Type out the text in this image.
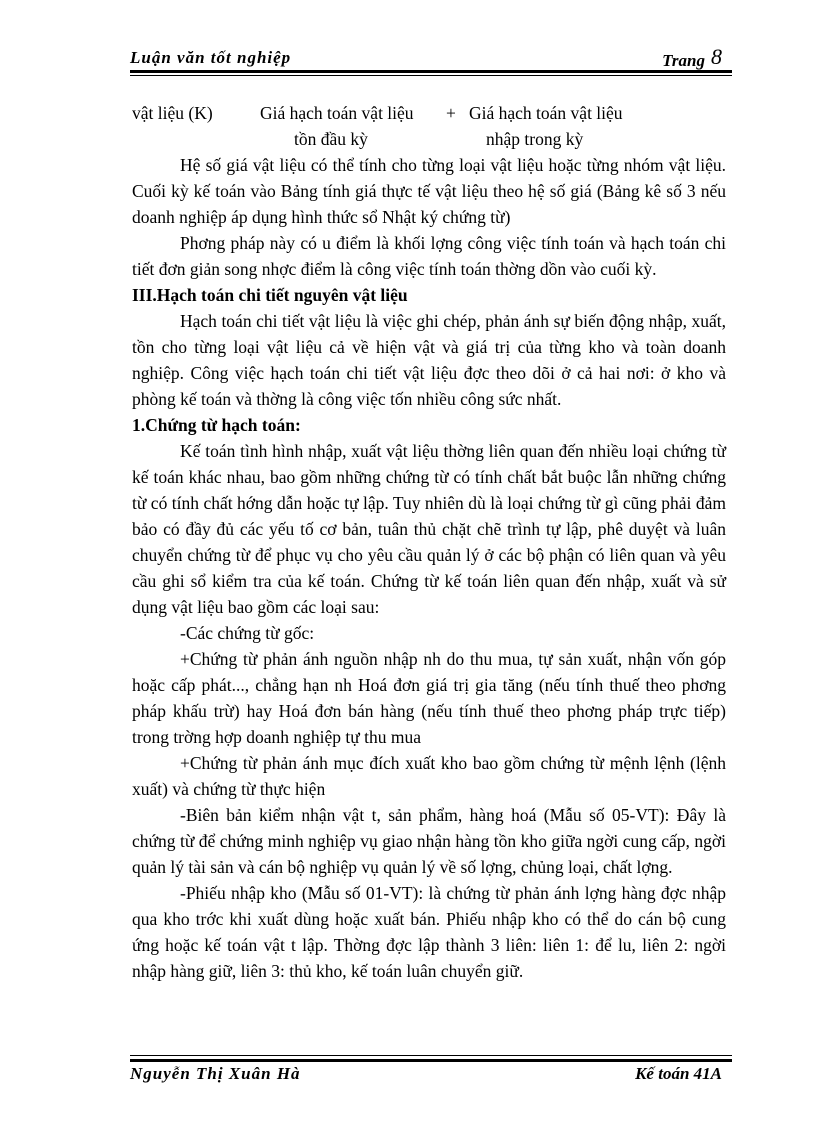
Luận văn tốt nghiệp	Trang 8
vật liệu (K)	Giá hạch toán vật liệu + Giá hạch toán vật liệu
tồn đầu kỳ	nhập trong kỳ

Hệ số giá vật liệu có thể tính cho từng loại vật liệu hoặc từng nhóm vật liệu. Cuối kỳ kế toán vào Bảng tính giá thực tế vật liệu theo hệ số giá (Bảng kê số 3 nếu doanh nghiệp áp dụng hình thức sổ Nhật ký chứng từ)

Phơng pháp này có u điểm là khối lợng công việc tính toán và hạch toán chi tiết đơn giản song nhợc điểm là công việc tính toán thờng dồn vào cuối kỳ.

III.Hạch toán chi tiết nguyên vật liệu

Hạch toán chi tiết vật liệu là việc ghi chép, phản ánh sự biến động nhập, xuất, tồn cho từng loại vật liệu cả về hiện vật và giá trị của từng kho và toàn doanh nghiệp. Công việc hạch toán chi tiết vật liệu đợc theo dõi ở cả hai nơi: ở kho và phòng kế toán và thờng là công việc tốn nhiều công sức nhất.

1.Chứng từ hạch toán:

Kế toán tình hình nhập, xuất vật liệu thờng liên quan đến nhiều loại chứng từ kế toán khác nhau, bao gồm những chứng từ có tính chất bắt buộc lẫn những chứng từ có tính chất hớng dẫn hoặc tự lập. Tuy nhiên dù là loại chứng từ gì cũng phải đảm bảo có đầy đủ các yếu tố cơ bản, tuân thủ chặt chẽ trình tự lập, phê duyệt và luân chuyển chứng từ để phục vụ cho yêu cầu quản lý ở các bộ phận có liên quan và yêu cầu ghi sổ kiểm tra của kế toán. Chứng từ kế toán liên quan đến nhập, xuất và sử dụng vật liệu bao gồm các loại sau:

-Các chứng từ gốc:

+Chứng từ phản ánh nguồn nhập nh do thu mua, tự sản xuất, nhận vốn góp hoặc cấp phát..., chẳng hạn nh Hoá đơn giá trị gia tăng (nếu tính thuế theo phơng pháp khấu trừ) hay Hoá đơn bán hàng (nếu tính thuế theo phơng pháp trực tiếp) trong trờng hợp doanh nghiệp tự thu mua

+Chứng từ phản ánh mục đích xuất kho bao gồm chứng từ mệnh lệnh (lệnh xuất) và chứng từ thực hiện

-Biên bản kiểm nhận vật t, sản phẩm, hàng hoá (Mẫu số 05-VT): Đây là chứng từ để chứng minh nghiệp vụ giao nhận hàng tồn kho giữa ngời cung cấp, ngời quản lý tài sản và cán bộ nghiệp vụ quản lý về số lợng, chủng loại, chất lợng.

-Phiếu nhập kho (Mẫu số 01-VT): là chứng từ phản ánh lợng hàng đợc nhập qua kho trớc khi xuất dùng hoặc xuất bán. Phiếu nhập kho có thể do cán bộ cung ứng hoặc kế toán vật t lập. Thờng đợc lập thành 3 liên: liên 1: để lu, liên 2: ngời nhập hàng giữ, liên 3: thủ kho, kế toán luân chuyển giữ.

Nguyễn Thị Xuân Hà	Kế toán 41A
